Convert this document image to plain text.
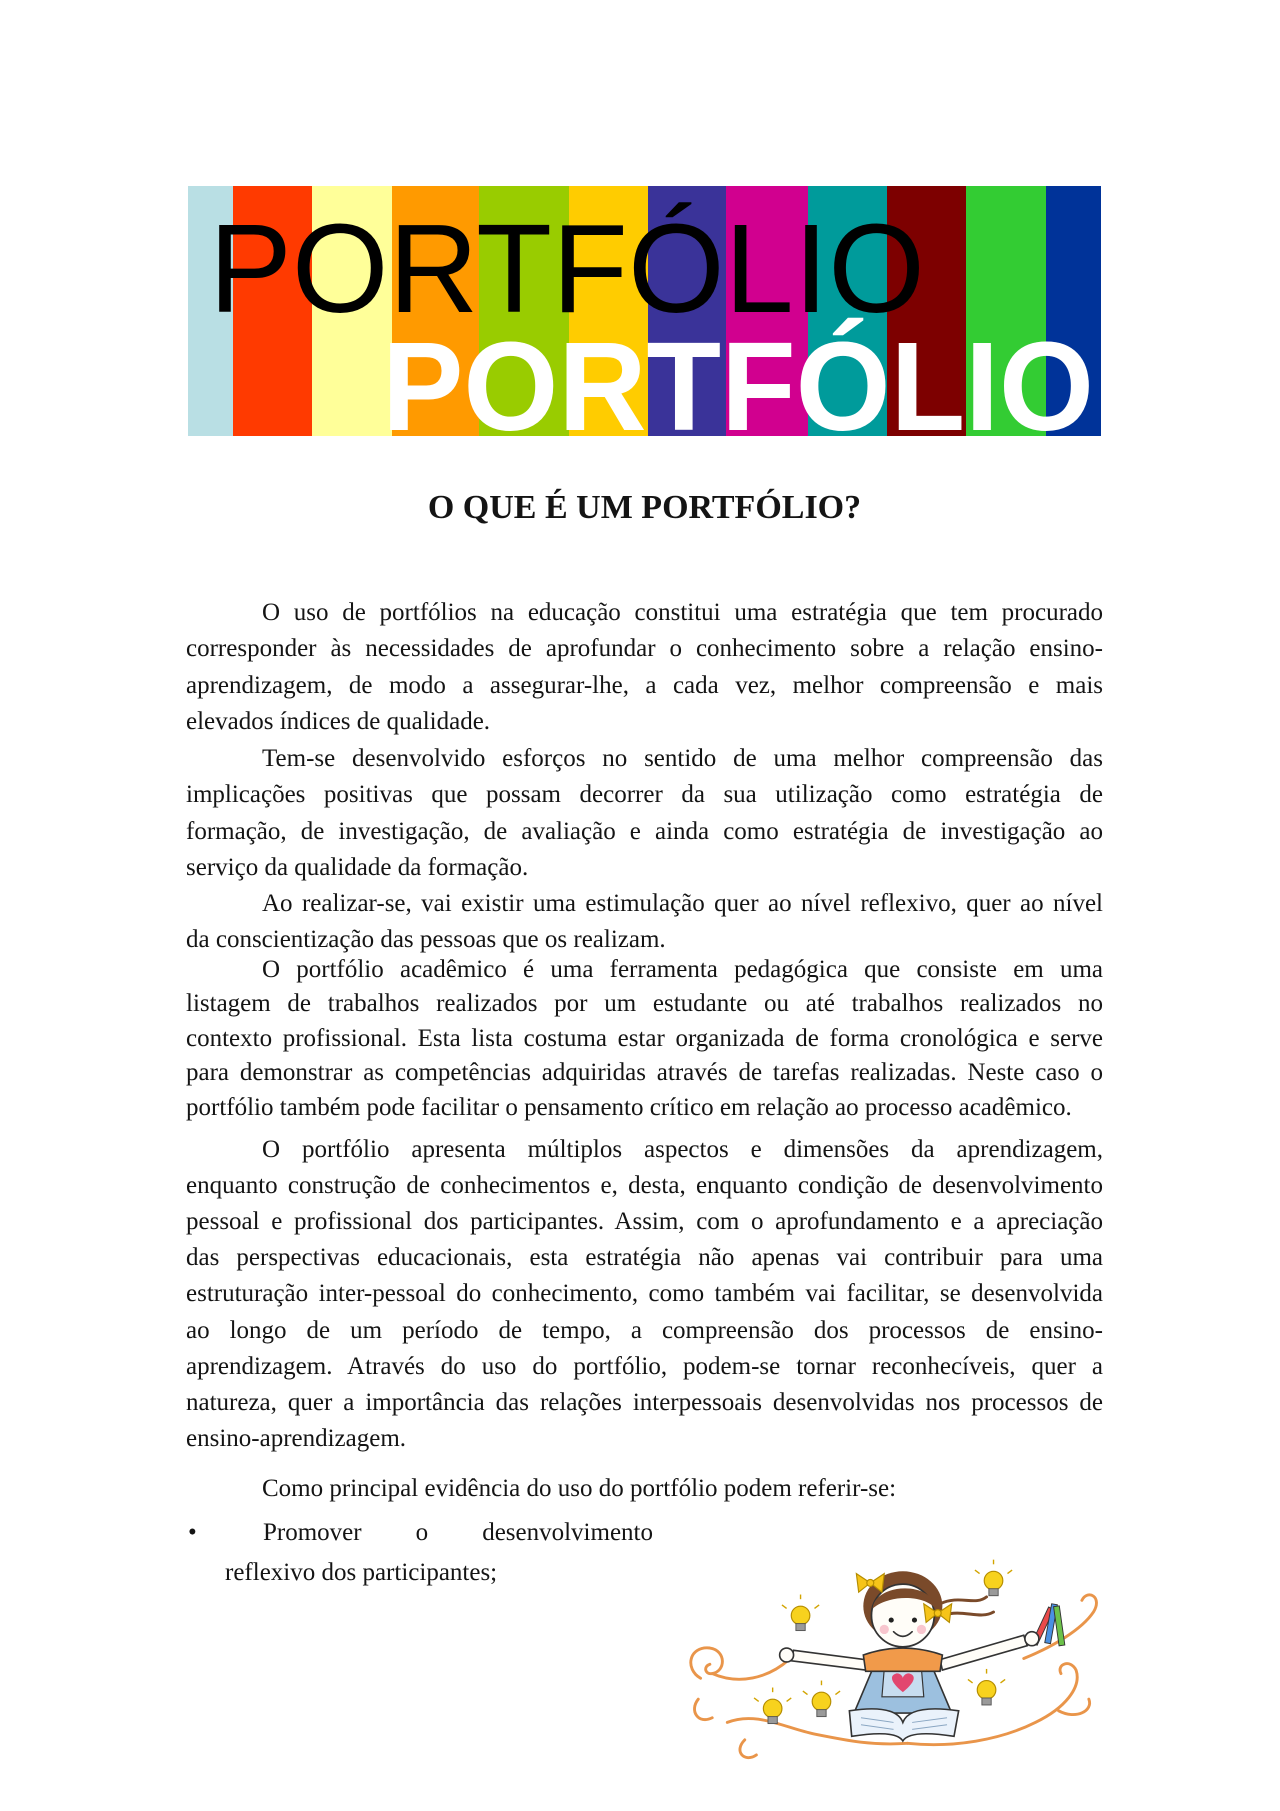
PORTFÓLIO
PORTFÓLIO
O QUE É UM PORTFÓLIO?
O uso de portfólios na educação constitui uma estratégia que tem procurado
corresponder às necessidades de aprofundar o conhecimento sobre a relação ensino-
aprendizagem, de modo a assegurar-lhe, a cada vez, melhor compreensão e mais
elevados índices de qualidade.
Tem-se desenvolvido esforços no sentido de uma melhor compreensão das
implicações positivas que possam decorrer da sua utilização como estratégia de
formação, de investigação, de avaliação e ainda como estratégia de investigação ao
serviço da qualidade da formação.
Ao realizar-se, vai existir uma estimulação quer ao nível reflexivo, quer ao nível
da conscientização das pessoas que os realizam.
O portfólio acadêmico é uma ferramenta pedagógica que consiste em uma
listagem de trabalhos realizados por um estudante ou até trabalhos realizados no
contexto profissional. Esta lista costuma estar organizada de forma cronológica e serve
para demonstrar as competências adquiridas através de tarefas realizadas. Neste caso o
portfólio também pode facilitar o pensamento crítico em relação ao processo acadêmico.
O portfólio apresenta múltiplos aspectos e dimensões da aprendizagem,
enquanto construção de conhecimentos e, desta, enquanto condição de desenvolvimento
pessoal e profissional dos participantes. Assim, com o aprofundamento e a apreciação
das perspectivas educacionais, esta estratégia não apenas vai contribuir para uma
estruturação inter-pessoal do conhecimento, como também vai facilitar, se desenvolvida
ao longo de um período de tempo, a compreensão dos processos de ensino-
aprendizagem. Através do uso do portfólio, podem-se tornar reconhecíveis, quer a
natureza, quer a importância das relações interpessoais desenvolvidas nos processos de
ensino-aprendizagem.
Como principal evidência do uso do portfólio podem referir-se:
•	Promover o desenvolvimento
reflexivo dos participantes;
